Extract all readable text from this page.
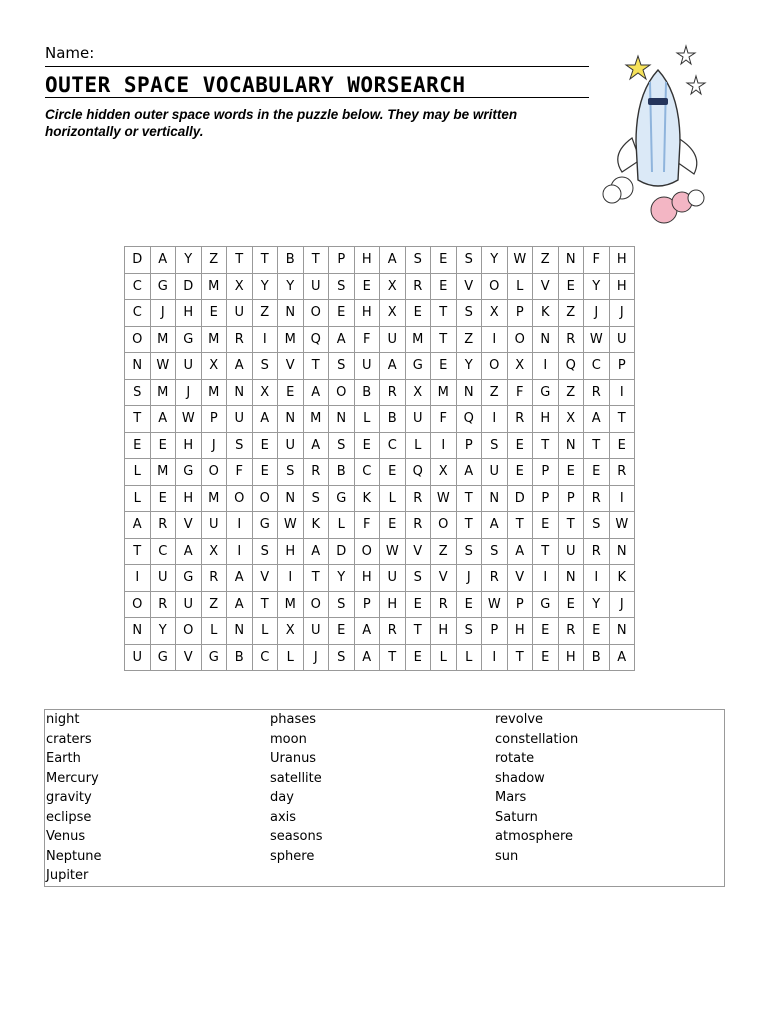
Name:
OUTER SPACE VOCABULARY WORSEARCH
Circle hidden outer space words in the puzzle below. They may be written horizontally or vertically.
D	A	Y	Z	T	T	B	T	P	H	A	S	E	S	Y	W	Z	N	F	H
C	G	D	M	X	Y	Y	U	S	E	X	R	E	V	O	L	V	E	Y	H
C	J	H	E	U	Z	N	O	E	H	X	E	T	S	X	P	K	Z	J	J
O	M	G	M	R	I	M	Q	A	F	U	M	T	Z	I	O	N	R	W	U
N	W	U	X	A	S	V	T	S	U	A	G	E	Y	O	X	I	Q	C	P
S	M	J	M	N	X	E	A	O	B	R	X	M	N	Z	F	G	Z	R	I
T	A	W	P	U	A	N	M	N	L	B	U	F	Q	I	R	H	X	A	T
E	E	H	J	S	E	U	A	S	E	C	L	I	P	S	E	T	N	T	E
L	M	G	O	F	E	S	R	B	C	E	Q	X	A	U	E	P	E	E	R
L	E	H	M	O	O	N	S	G	K	L	R	W	T	N	D	P	P	R	I
A	R	V	U	I	G	W	K	L	F	E	R	O	T	A	T	E	T	S	W
T	C	A	X	I	S	H	A	D	O	W	V	Z	S	S	A	T	U	R	N
I	U	G	R	A	V	I	T	Y	H	U	S	V	J	R	V	I	N	I	K
O	R	U	Z	A	T	M	O	S	P	H	E	R	E	W	P	G	E	Y	J
N	Y	O	L	N	L	X	U	E	A	R	T	H	S	P	H	E	R	E	N
U	G	V	G	B	C	L	J	S	A	T	E	L	L	I	T	E	H	B	A
night
craters
Earth
Mercury
gravity
eclipse
Venus
Neptune
Jupiter
phases
moon
Uranus
satellite
day
axis
seasons
sphere
revolve
constellation
rotate
shadow
Mars
Saturn
atmosphere
sun
